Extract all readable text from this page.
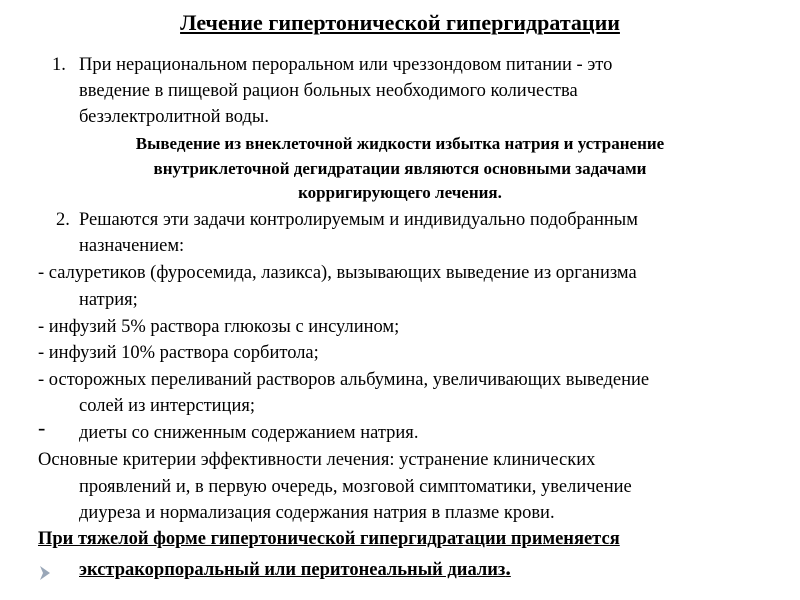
Лечение гипертонической гипергидратации
1. При нерациональном пероральном или чреззондовом питании - это
введение в пищевой рацион больных необходимого количества
безэлектролитной воды.
Выведение из внеклеточной жидкости избытка натрия и устранение
внутриклеточной дегидратации являются основными задачами
корригирующего лечения.
2. Решаются эти задачи контролируемым и индивидуально подобранным
назначением:
- салуретиков (фуросемида, лазикса), вызывающих выведение из организма
натрия;
- инфузий 5% раствора глюкозы с инсулином;
- инфузий 10% раствора сорбитола;
- осторожных переливаний растворов альбумина, увеличивающих выведение
солей из интерстиция;
- диеты со сниженным содержанием натрия.
Основные критерии эффективности лечения: устранение клинических
проявлений и, в первую очередь, мозговой симптоматики, увеличение
диуреза и нормализация содержания натрия в плазме крови.
При тяжелой форме гипертонической гипергидратации применяется
экстракорпоральный или перитонеальный диализ.
